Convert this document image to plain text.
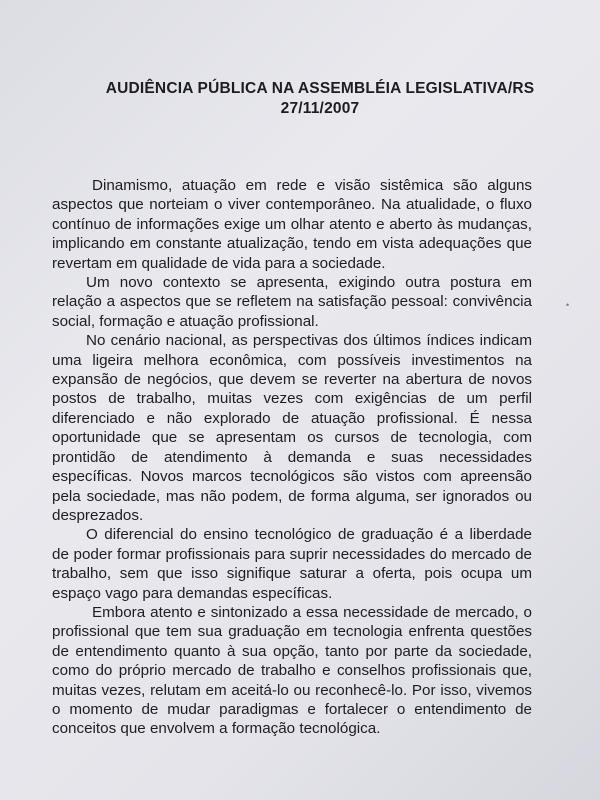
AUDIÊNCIA PÚBLICA NA ASSEMBLÉIA LEGISLATIVA/RS
27/11/2007

Dinamismo, atuação em rede e visão sistêmica são alguns aspectos que norteiam o viver contemporâneo. Na atualidade, o fluxo contínuo de informações exige um olhar atento e aberto às mudanças, implicando em constante atualização, tendo em vista adequações que revertam em qualidade de vida para a sociedade.

Um novo contexto se apresenta, exigindo outra postura em relação a aspectos que se refletem na satisfação pessoal: convivência social, formação e atuação profissional.

No cenário nacional, as perspectivas dos últimos índices indicam uma ligeira melhora econômica, com possíveis investimentos na expansão de negócios, que devem se reverter na abertura de novos postos de trabalho, muitas vezes com exigências de um perfil diferenciado e não explorado de atuação profissional. É nessa oportunidade que se apresentam os cursos de tecnologia, com prontidão de atendimento à demanda e suas necessidades específicas. Novos marcos tecnológicos são vistos com apreensão pela sociedade, mas não podem, de forma alguma, ser ignorados ou desprezados.

O diferencial do ensino tecnológico de graduação é a liberdade de poder formar profissionais para suprir necessidades do mercado de trabalho, sem que isso signifique saturar a oferta, pois ocupa um espaço vago para demandas específicas.

Embora atento e sintonizado a essa necessidade de mercado, o profissional que tem sua graduação em tecnologia enfrenta questões de entendimento quanto à sua opção, tanto por parte da sociedade, como do próprio mercado de trabalho e conselhos profissionais que, muitas vezes, relutam em aceitá-lo ou reconhecê-lo. Por isso, vivemos o momento de mudar paradigmas e fortalecer o entendimento de conceitos que envolvem a formação tecnológica.

•
